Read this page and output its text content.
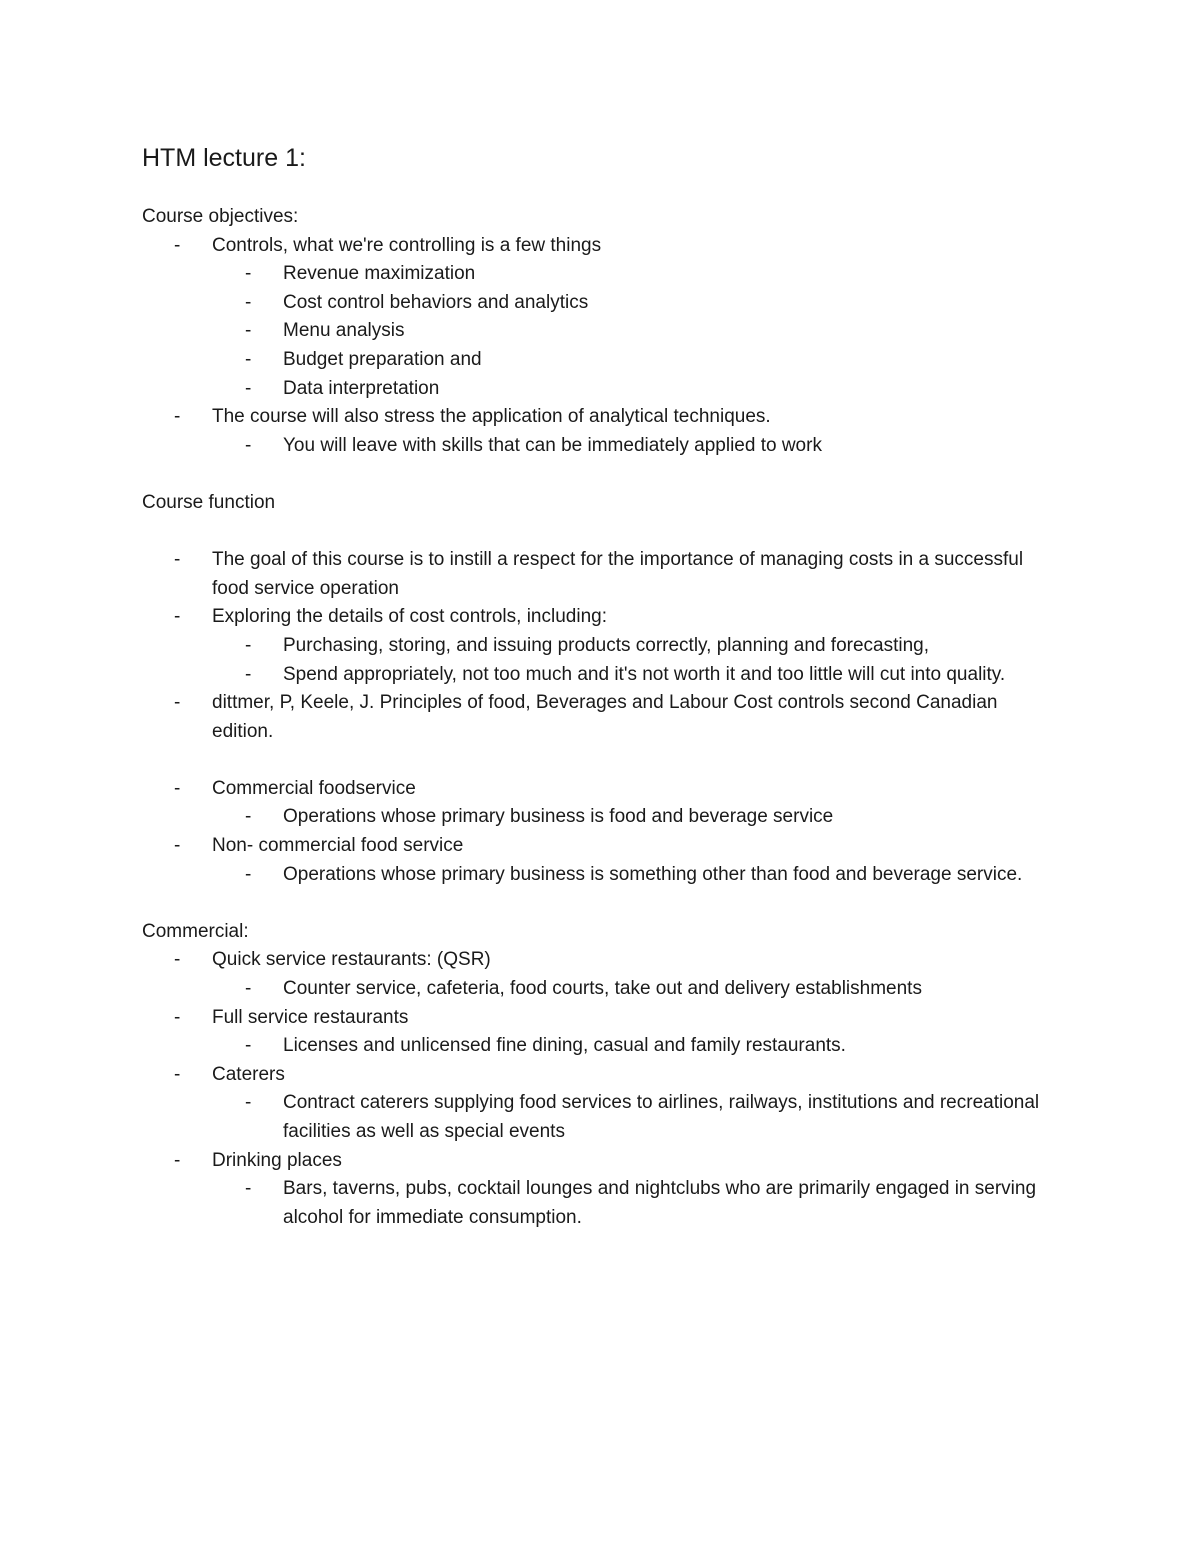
HTM lecture 1:

Course objectives:

- Controls, what we're controlling is a few things
- Revenue maximization
- Cost control behaviors and analytics
- Menu analysis
- Budget preparation and
- Data interpretation
- The course will also stress the application of analytical techniques.
- You will leave with skills that can be immediately applied to work

Course function

- The goal of this course is to instill a respect for the importance of managing costs in a successful food service operation
- Exploring the details of cost controls, including:
- Purchasing, storing, and issuing products correctly, planning and forecasting,
- Spend appropriately, not too much and it's not worth it and too little will cut into quality.
- dittmer, P, Keele, J. Principles of food, Beverages and Labour Cost controls second Canadian edition.
- Commercial foodservice
- Operations whose primary business is food and beverage service
- Non- commercial food service
- Operations whose primary business is something other than food and beverage service.

Commercial:

- Quick service restaurants: (QSR)
- Counter service, cafeteria, food courts, take out and delivery establishments
- Full service restaurants
- Licenses and unlicensed fine dining, casual and family restaurants.
- Caterers
- Contract caterers supplying food services to airlines, railways, institutions and recreational facilities as well as special events
- Drinking places
- Bars, taverns, pubs, cocktail lounges and nightclubs who are primarily engaged in serving alcohol for immediate consumption.
